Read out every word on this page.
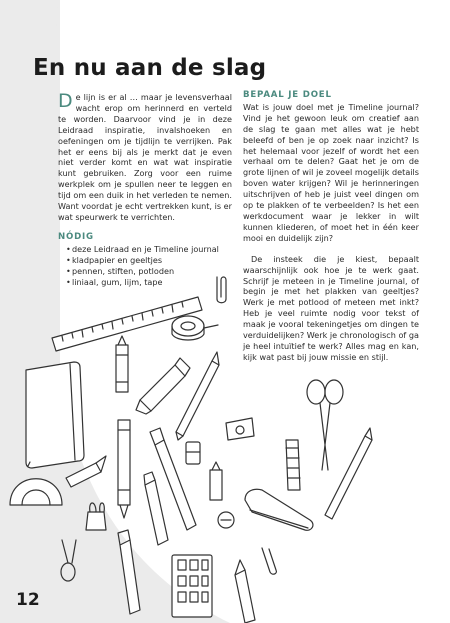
En nu aan de slag

De lijn is er al … maar je levensverhaal wacht erop om herinnerd en verteld te worden. Daarvoor vind je in deze Leidraad inspiratie, invalshoeken en oefeningen om je tijdlijn te verrijken. Pak het er eens bij als je merkt dat je even niet verder komt en wat wat inspiratie kunt gebruiken. Zorg voor een ruime werkplek om je spullen neer te leggen en tijd om een duik in het verleden te nemen. Want voordat je echt vertrekken kunt, is er wat speurwerk te verrichten.

NÓDIG

• deze Leidraad en je Timeline journal
• kladpapier en geeltjes
• pennen, stiften, potloden
• liniaal, gum, lijm, tape

BEPAAL JE DOEL

Wat is jouw doel met je Timeline journal? Vind je het gewoon leuk om creatief aan de slag te gaan met alles wat je hebt beleefd of ben je op zoek naar inzicht? Is het helemaal voor jezelf of wordt het een verhaal om te delen? Gaat het je om de grote lijnen of wil je zoveel mogelijk details boven water krijgen? Wil je herinneringen uitschrijven of heb je juist veel dingen om op te plakken of te verbeelden? Is het een werkdocument waar je lekker in wilt kunnen kliederen, of moet het in één keer mooi en duidelijk zijn?

De insteek die je kiest, bepaalt waarschijnlijk ook hoe je te werk gaat. Schrijf je meteen in je Timeline journal, of begin je met het plakken van geeltjes? Werk je met potlood of meteen met inkt? Heb je veel ruimte nodig voor tekst of maak je vooral tekeningetjes om dingen te verduidelijken? Werk je chronologisch of ga je heel intuïtief te werk? Alles mag en kan, kijk wat past bij jouw missie en stijl.

12
